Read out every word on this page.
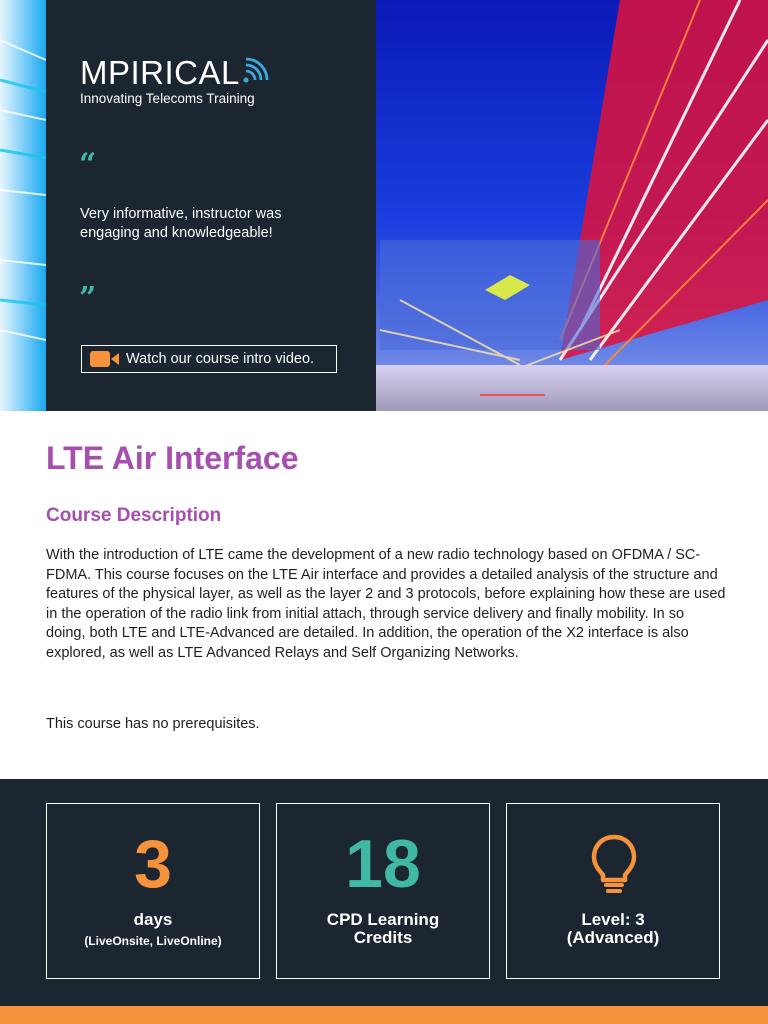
MPIRICAL
Innovating Telecoms Training
“
Very informative, instructor was engaging and knowledgeable!
”
Watch our course intro video.
LTE Air Interface
Course Description
With the introduction of LTE came the development of a new radio technology based on OFDMA / SC-FDMA. This course focuses on the LTE Air interface and provides a detailed analysis of the structure and features of the physical layer, as well as the layer 2 and 3 protocols, before explaining how these are used in the operation of the radio link from initial attach, through service delivery and finally mobility. In so doing, both LTE and LTE-Advanced are detailed. In addition, the operation of the X2 interface is also explored, as well as LTE Advanced Relays and Self Organizing Networks.
This course has no prerequisites.
3
days
(LiveOnsite, LiveOnline)
18
CPD Learning
Credits
Level: 3
(Advanced)
